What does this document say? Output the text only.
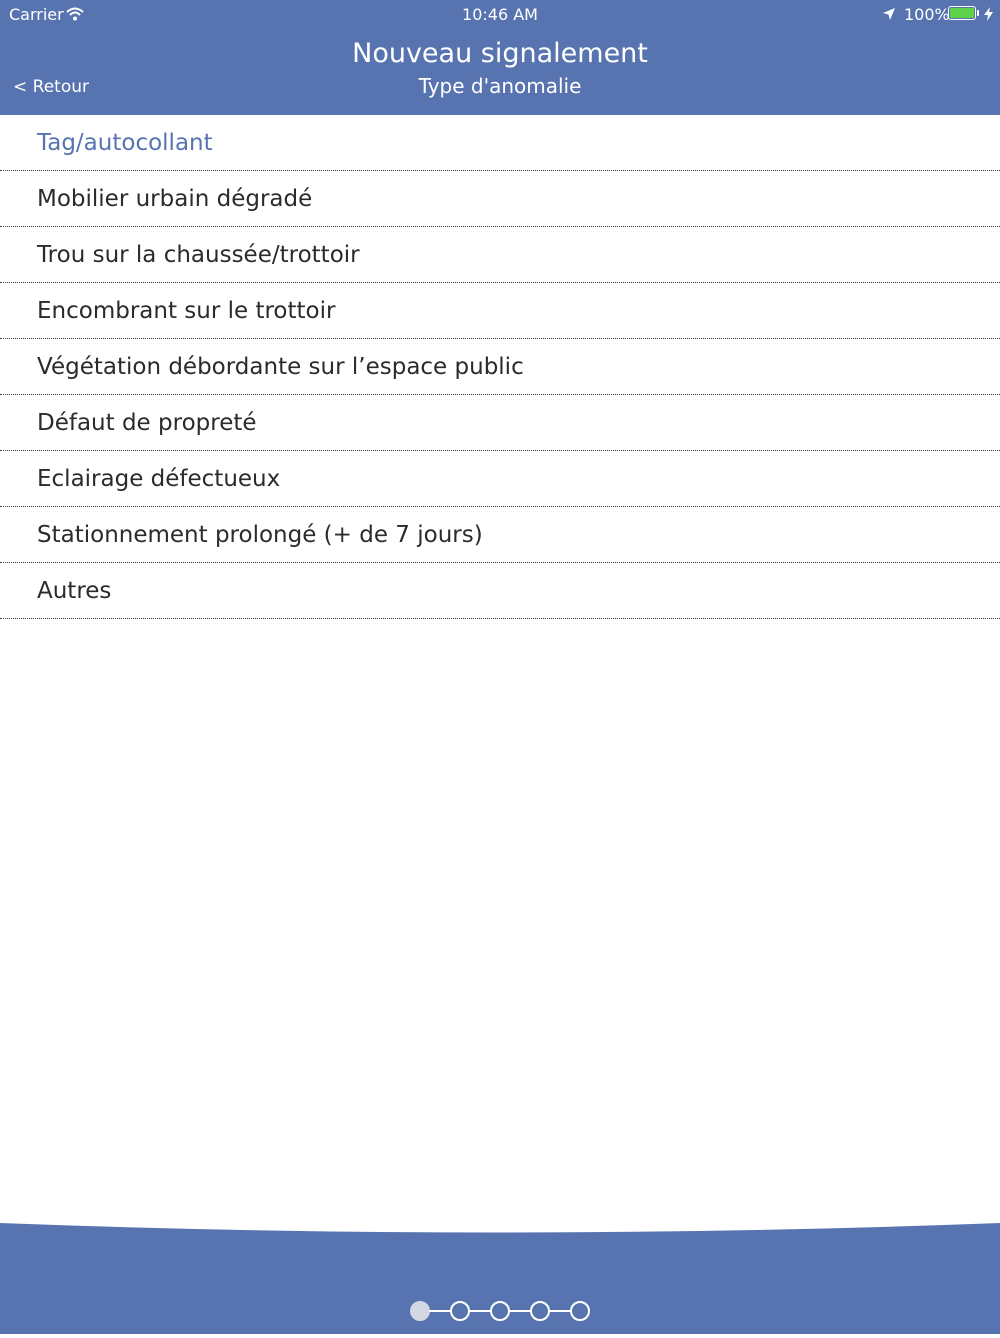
Carrier	10:46 AM	100%
Nouveau signalement
Type d'anomalie
< Retour
Tag/autocollant
Mobilier urbain dégradé
Trou sur la chaussée/trottoir
Encombrant sur le trottoir
Végétation débordante sur l’espace public
Défaut de propreté
Eclairage défectueux
Stationnement prolongé (+ de 7 jours)
Autres
